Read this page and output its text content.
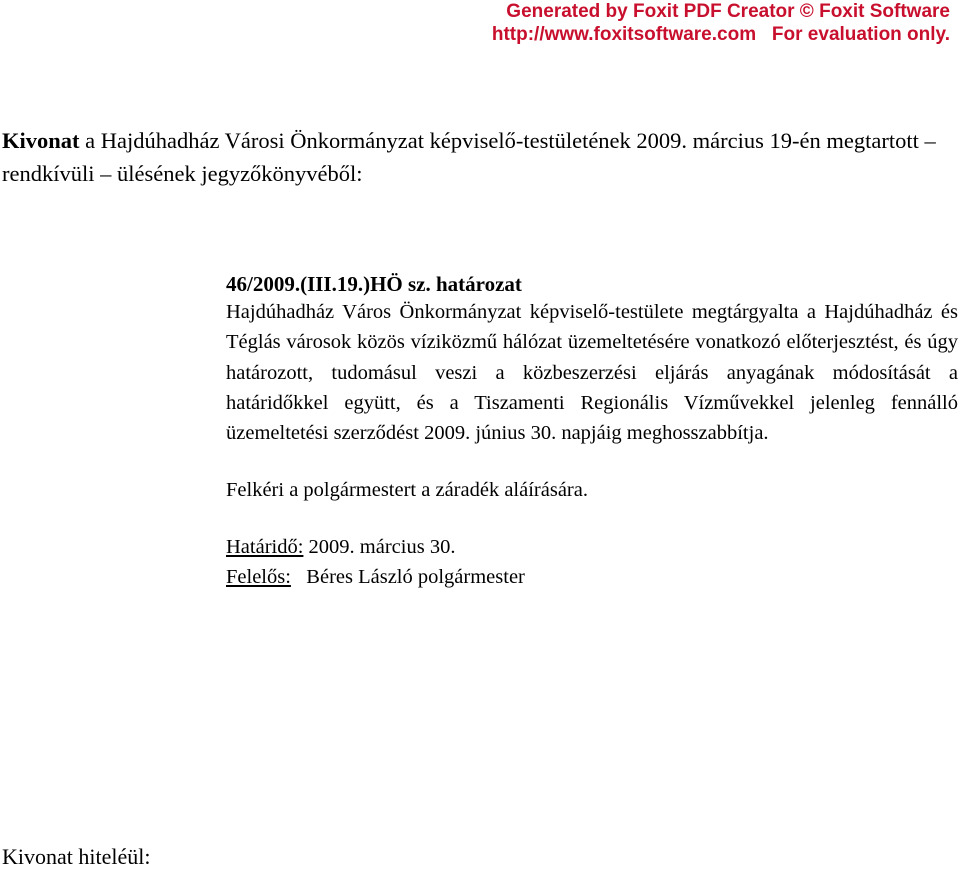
Generated by Foxit PDF Creator © Foxit Software
http://www.foxitsoftware.com   For evaluation only.
Kivonat a Hajdúhadház Városi Önkormányzat képviselő-testületének 2009. március 19-én megtartott – rendkívüli – ülésének jegyzőkönyvéből:

46/2009.(III.19.)HÖ sz. határozat

Hajdúhadház Város Önkormányzat képviselő-testülete megtárgyalta a Hajdúhadház és Téglás városok közös víziközmű hálózat üzemeltetésére vonatkozó előterjesztést, és úgy határozott, tudomásul veszi a közbeszerzési eljárás anyagának módosítását a határidőkkel együtt, és a Tiszamenti Regionális Vízművekkel jelenleg fennálló üzemeltetési szerződést 2009. június 30. napjáig meghosszabbítja.

Felkéri a polgármestert a záradék aláírására.

Határidő: 2009. március 30.

Felelős:   Béres László polgármester

Kivonat hiteléül:
